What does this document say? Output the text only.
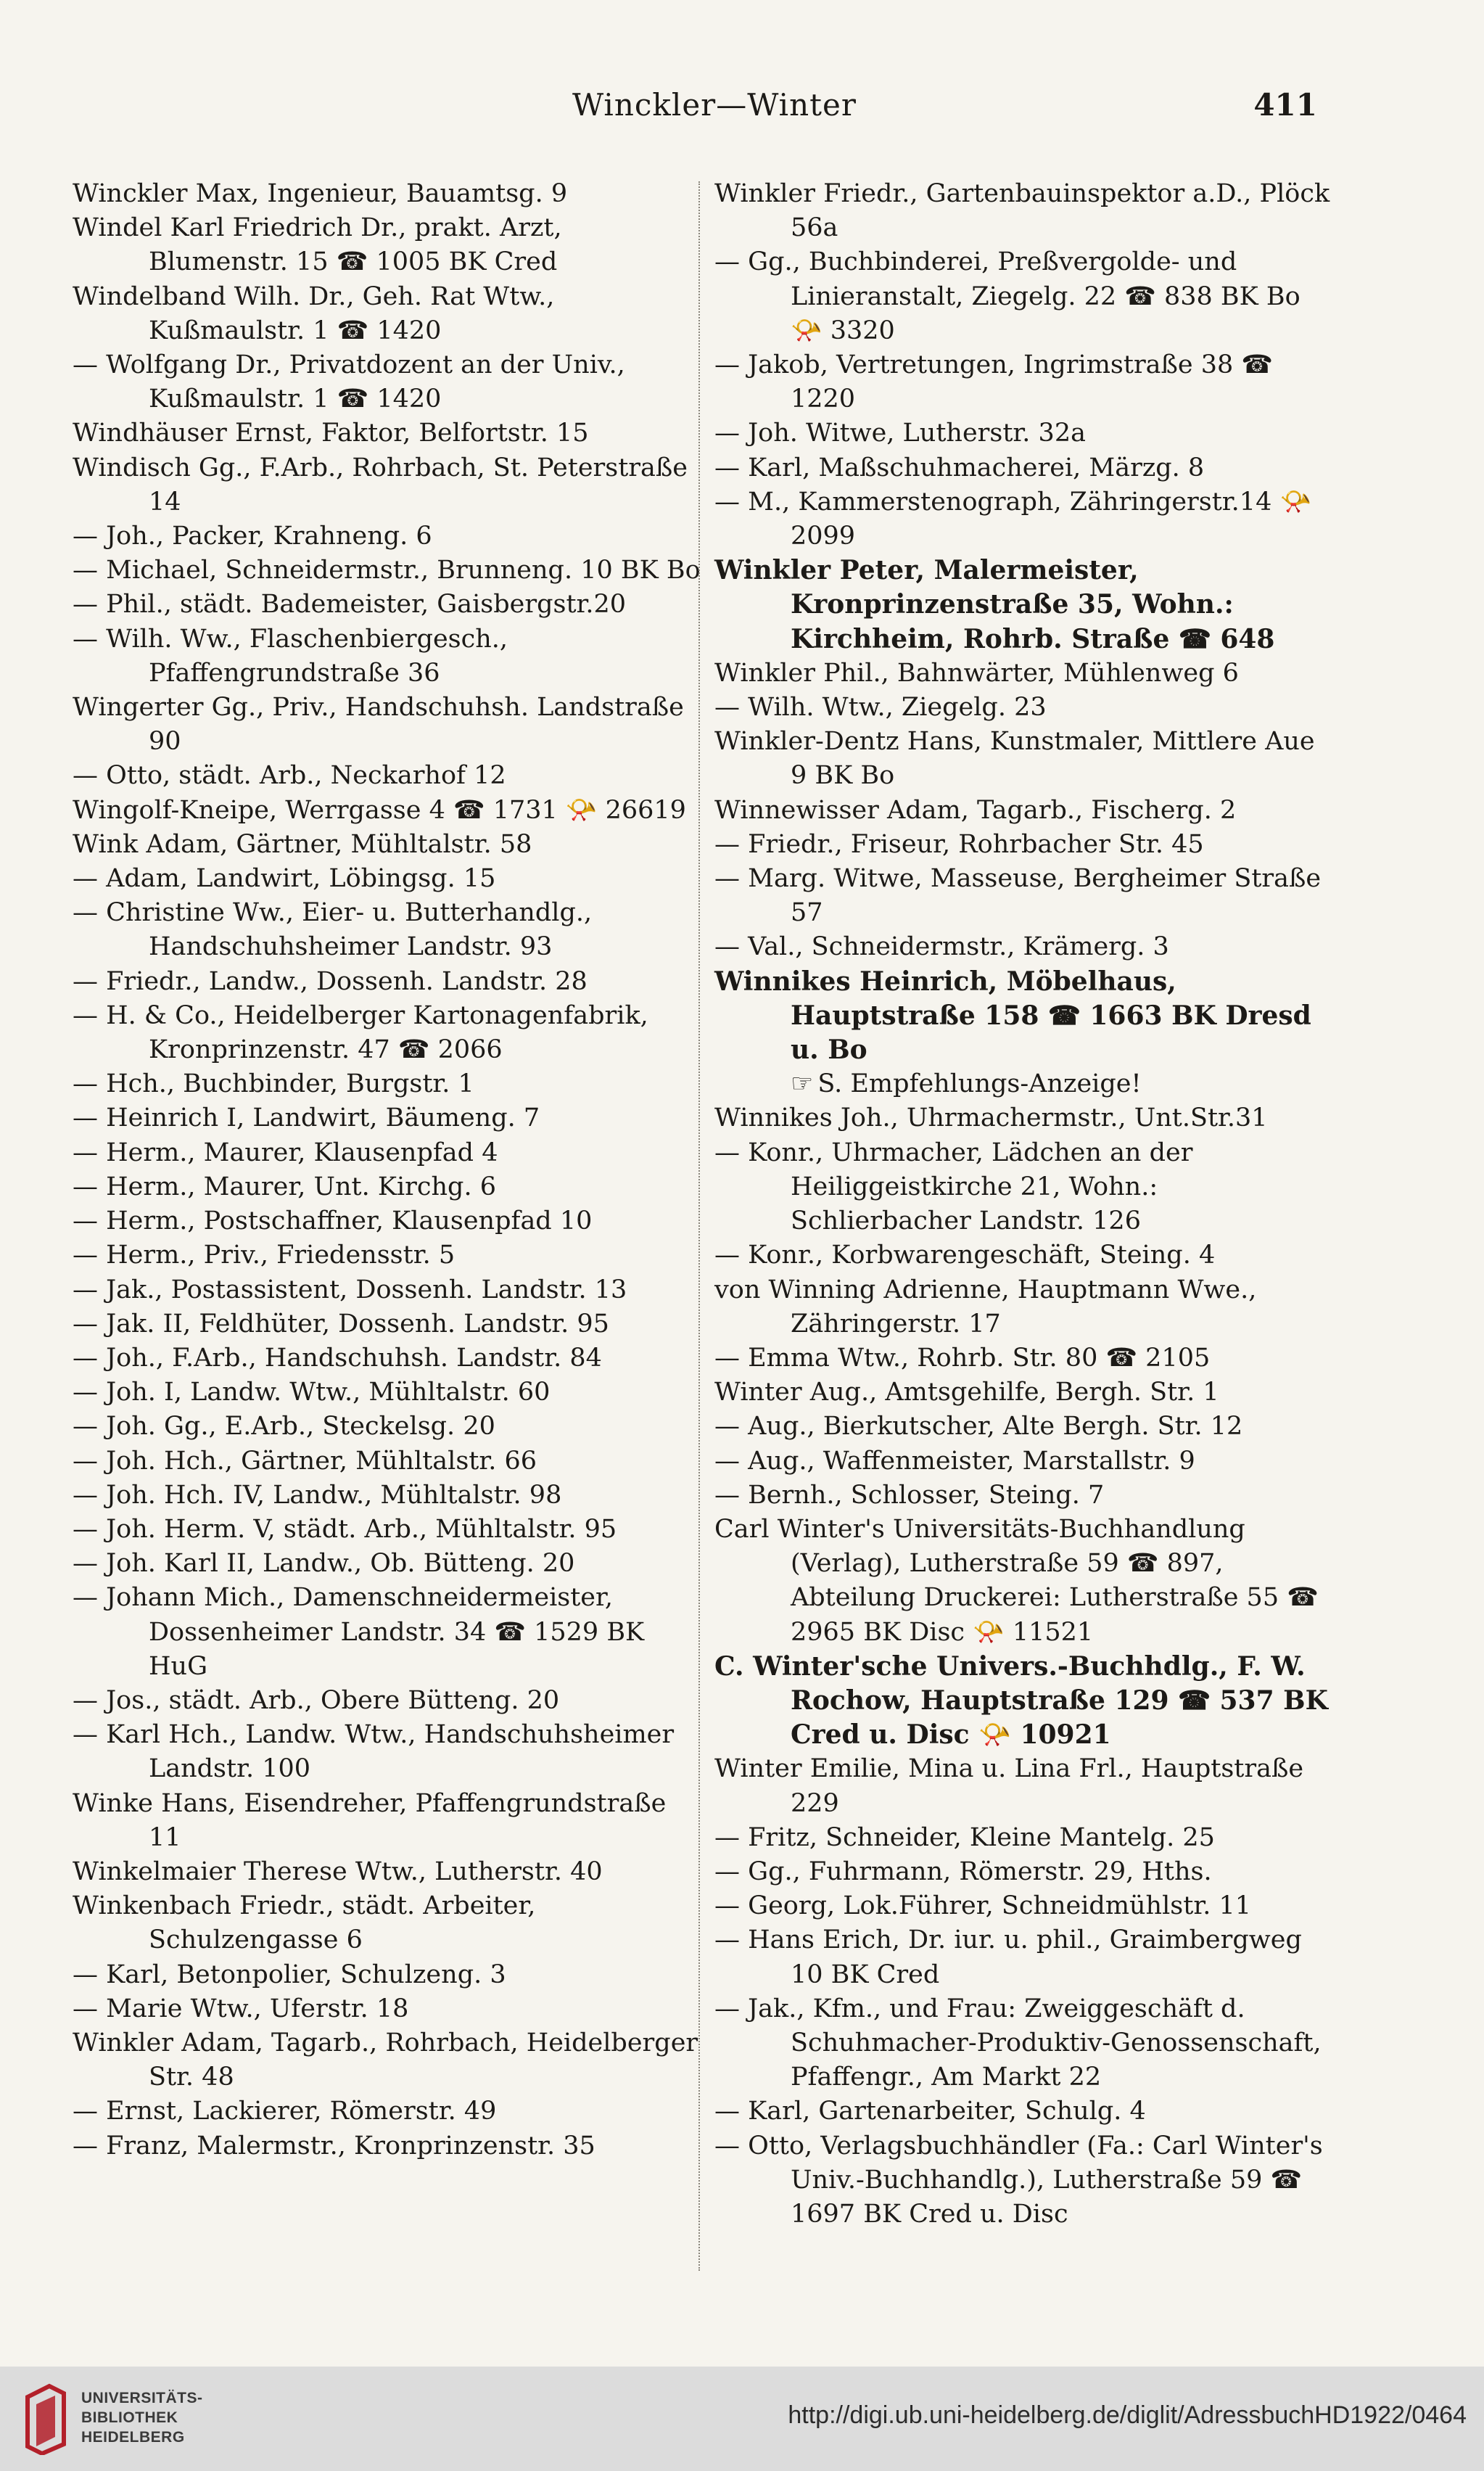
Winckler—Winter	411
Winckler Max, Ingenieur, Bauamtsg. 9
Windel Karl Friedrich Dr., prakt. Arzt, Blumenstr. 15 ☎ 1005 BK Cred
Windelband Wilh. Dr., Geh. Rat Wtw., Kußmaulstr. 1 ☎ 1420
— Wolfgang Dr., Privatdozent an der Univ., Kußmaulstr. 1 ☎ 1420
Windhäuser Ernst, Faktor, Belfortstr. 15
Windisch Gg., F.Arb., Rohrbach, St. Peterstraße 14
— Joh., Packer, Krahneng. 6
— Michael, Schneidermstr., Brunneng. 10 BK Bo
— Phil., städt. Bademeister, Gaisbergstr.20
— Wilh. Ww., Flaschenbiergesch., Pfaffengrundstraße 36
Wingerter Gg., Priv., Handschuhsh. Landstraße 90
— Otto, städt. Arb., Neckarhof 12
Wingolf-Kneipe, Werrgasse 4 ☎ 1731 📯 26619
Wink Adam, Gärtner, Mühltalstr. 58
— Adam, Landwirt, Löbingsg. 15
— Christine Ww., Eier- u. Butterhandlg., Handschuhsheimer Landstr. 93
— Friedr., Landw., Dossenh. Landstr. 28
— H. & Co., Heidelberger Kartonagenfabrik, Kronprinzenstr. 47 ☎ 2066
— Hch., Buchbinder, Burgstr. 1
— Heinrich I, Landwirt, Bäumeng. 7
— Herm., Maurer, Klausenpfad 4
— Herm., Maurer, Unt. Kirchg. 6
— Herm., Postschaffner, Klausenpfad 10
— Herm., Priv., Friedensstr. 5
— Jak., Postassistent, Dossenh. Landstr. 13
— Jak. II, Feldhüter, Dossenh. Landstr. 95
— Joh., F.Arb., Handschuhsh. Landstr. 84
— Joh. I, Landw. Wtw., Mühltalstr. 60
— Joh. Gg., E.Arb., Steckelsg. 20
— Joh. Hch., Gärtner, Mühltalstr. 66
— Joh. Hch. IV, Landw., Mühltalstr. 98
— Joh. Herm. V, städt. Arb., Mühltalstr. 95
— Joh. Karl II, Landw., Ob. Bütteng. 20
— Johann Mich., Damenschneidermeister, Dossenheimer Landstr. 34 ☎ 1529 BK HuG
— Jos., städt. Arb., Obere Bütteng. 20
— Karl Hch., Landw. Wtw., Handschuhsheimer Landstr. 100
Winke Hans, Eisendreher, Pfaffengrundstraße 11
Winkelmaier Therese Wtw., Lutherstr. 40
Winkenbach Friedr., städt. Arbeiter, Schulzengasse 6
— Karl, Betonpolier, Schulzeng. 3
— Marie Wtw., Uferstr. 18
Winkler Adam, Tagarb., Rohrbach, Heidelberger Str. 48
— Ernst, Lackierer, Römerstr. 49
— Franz, Malermstr., Kronprinzenstr. 35
Winkler Friedr., Gartenbauinspektor a.D., Plöck 56a
— Gg., Buchbinderei, Preßvergolde- und Linieranstalt, Ziegelg. 22 ☎ 838 BK Bo 📯 3320
— Jakob, Vertretungen, Ingrimstraße 38 ☎ 1220
— Joh. Witwe, Lutherstr. 32a
— Karl, Maßschuhmacherei, Märzg. 8
— M., Kammerstenograph, Zähringerstr.14 📯 2099
Winkler Peter, Malermeister, Kronprinzenstraße 35, Wohn.: Kirchheim, Rohrb. Straße ☎ 648
Winkler Phil., Bahnwärter, Mühlenweg 6
— Wilh. Wtw., Ziegelg. 23
Winkler-Dentz Hans, Kunstmaler, Mittlere Aue 9 BK Bo
Winnewisser Adam, Tagarb., Fischerg. 2
— Friedr., Friseur, Rohrbacher Str. 45
— Marg. Witwe, Masseuse, Bergheimer Straße 57
— Val., Schneidermstr., Krämerg. 3
Winnikes Heinrich, Möbelhaus, Hauptstraße 158 ☎ 1663 BK Dresd u. Bo
☞ S. Empfehlungs-Anzeige!
Winnikes Joh., Uhrmachermstr., Unt.Str.31
— Konr., Uhrmacher, Lädchen an der Heiliggeistkirche 21, Wohn.: Schlierbacher Landstr. 126
— Konr., Korbwarengeschäft, Steing. 4
von Winning Adrienne, Hauptmann Wwe., Zähringerstr. 17
— Emma Wtw., Rohrb. Str. 80 ☎ 2105
Winter Aug., Amtsgehilfe, Bergh. Str. 1
— Aug., Bierkutscher, Alte Bergh. Str. 12
— Aug., Waffenmeister, Marstallstr. 9
— Bernh., Schlosser, Steing. 7
Carl Winter's Universitäts-Buchhandlung (Verlag), Lutherstraße 59 ☎ 897, Abteilung Druckerei: Lutherstraße 55 ☎ 2965 BK Disc 📯 11521
C. Winter'sche Univers.-Buchhdlg., F. W. Rochow, Hauptstraße 129 ☎ 537 BK Cred u. Disc 📯 10921
Winter Emilie, Mina u. Lina Frl., Hauptstraße 229
— Fritz, Schneider, Kleine Mantelg. 25
— Gg., Fuhrmann, Römerstr. 29, Hths.
— Georg, Lok.Führer, Schneidmühlstr. 11
— Hans Erich, Dr. iur. u. phil., Graimbergweg 10 BK Cred
— Jak., Kfm., und Frau: Zweiggeschäft d. Schuhmacher-Produktiv-Genossenschaft, Pfaffengr., Am Markt 22
— Karl, Gartenarbeiter, Schulg. 4
— Otto, Verlagsbuchhändler (Fa.: Carl Winter's Univ.-Buchhandlg.), Lutherstraße 59 ☎ 1697 BK Cred u. Disc
UNIVERSITÄTS-
BIBLIOTHEK
HEIDELBERG
http://digi.ub.uni-heidelberg.de/diglit/AdressbuchHD1922/0464
